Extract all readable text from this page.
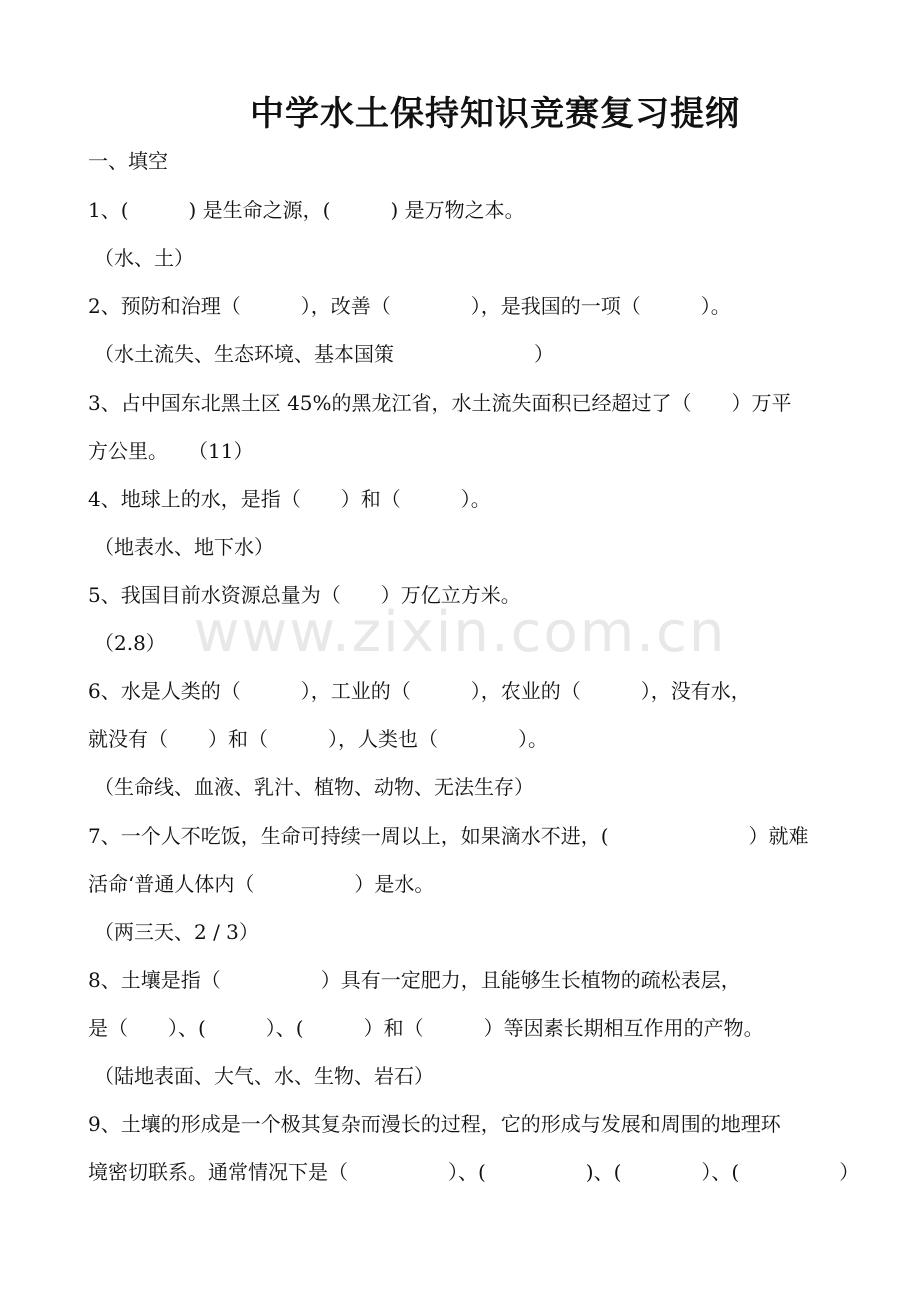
中学水土保持知识竞赛复习提纲
一、填空
1、(　　　) 是生命之源，(　　　) 是万物之本。
（水、土）
2、预防和治理（　　　），改善（　　　　），是我国的一项（　　　）。
（水土流失、生态环境、基本国策　　　　　　　）
3、占中国东北黑土区 45%的黑龙江省，水土流失面积已经超过了（　　）万平
方公里。　　（11）
4、地球上的水，是指（　　）和（　　　）。
（地表水、地下水）
5、我国目前水资源总量为（　　）万亿立方米。
（2.8）
6、水是人类的（　　　），工业的（　　　），农业的（　　　），没有水，
就没有（　　）和（　　　），人类也（　　　　）。
（生命线、血液、乳汁、植物、动物、无法生存）
7、一个人不吃饭，生命可持续一周以上，如果滴水不进，(　　　　　　　）就难
活命‘普通人体内（　　　　　）是水。
（两三天、2 / 3）
8、土壤是指（　　　　　）具有一定肥力，且能够生长植物的疏松表层，
是（　　）、(　　　）、(　　　）和（　　　）等因素长期相互作用的产物。
（陆地表面、大气、水、生物、岩石）
9、土壤的形成是一个极其复杂而漫长的过程，它的形成与发展和周围的地理环
境密切联系。通常情况下是（　　　　　）、(　　　　　)、(　　　　）、(　　　　　）
www.zixin.com.cn
